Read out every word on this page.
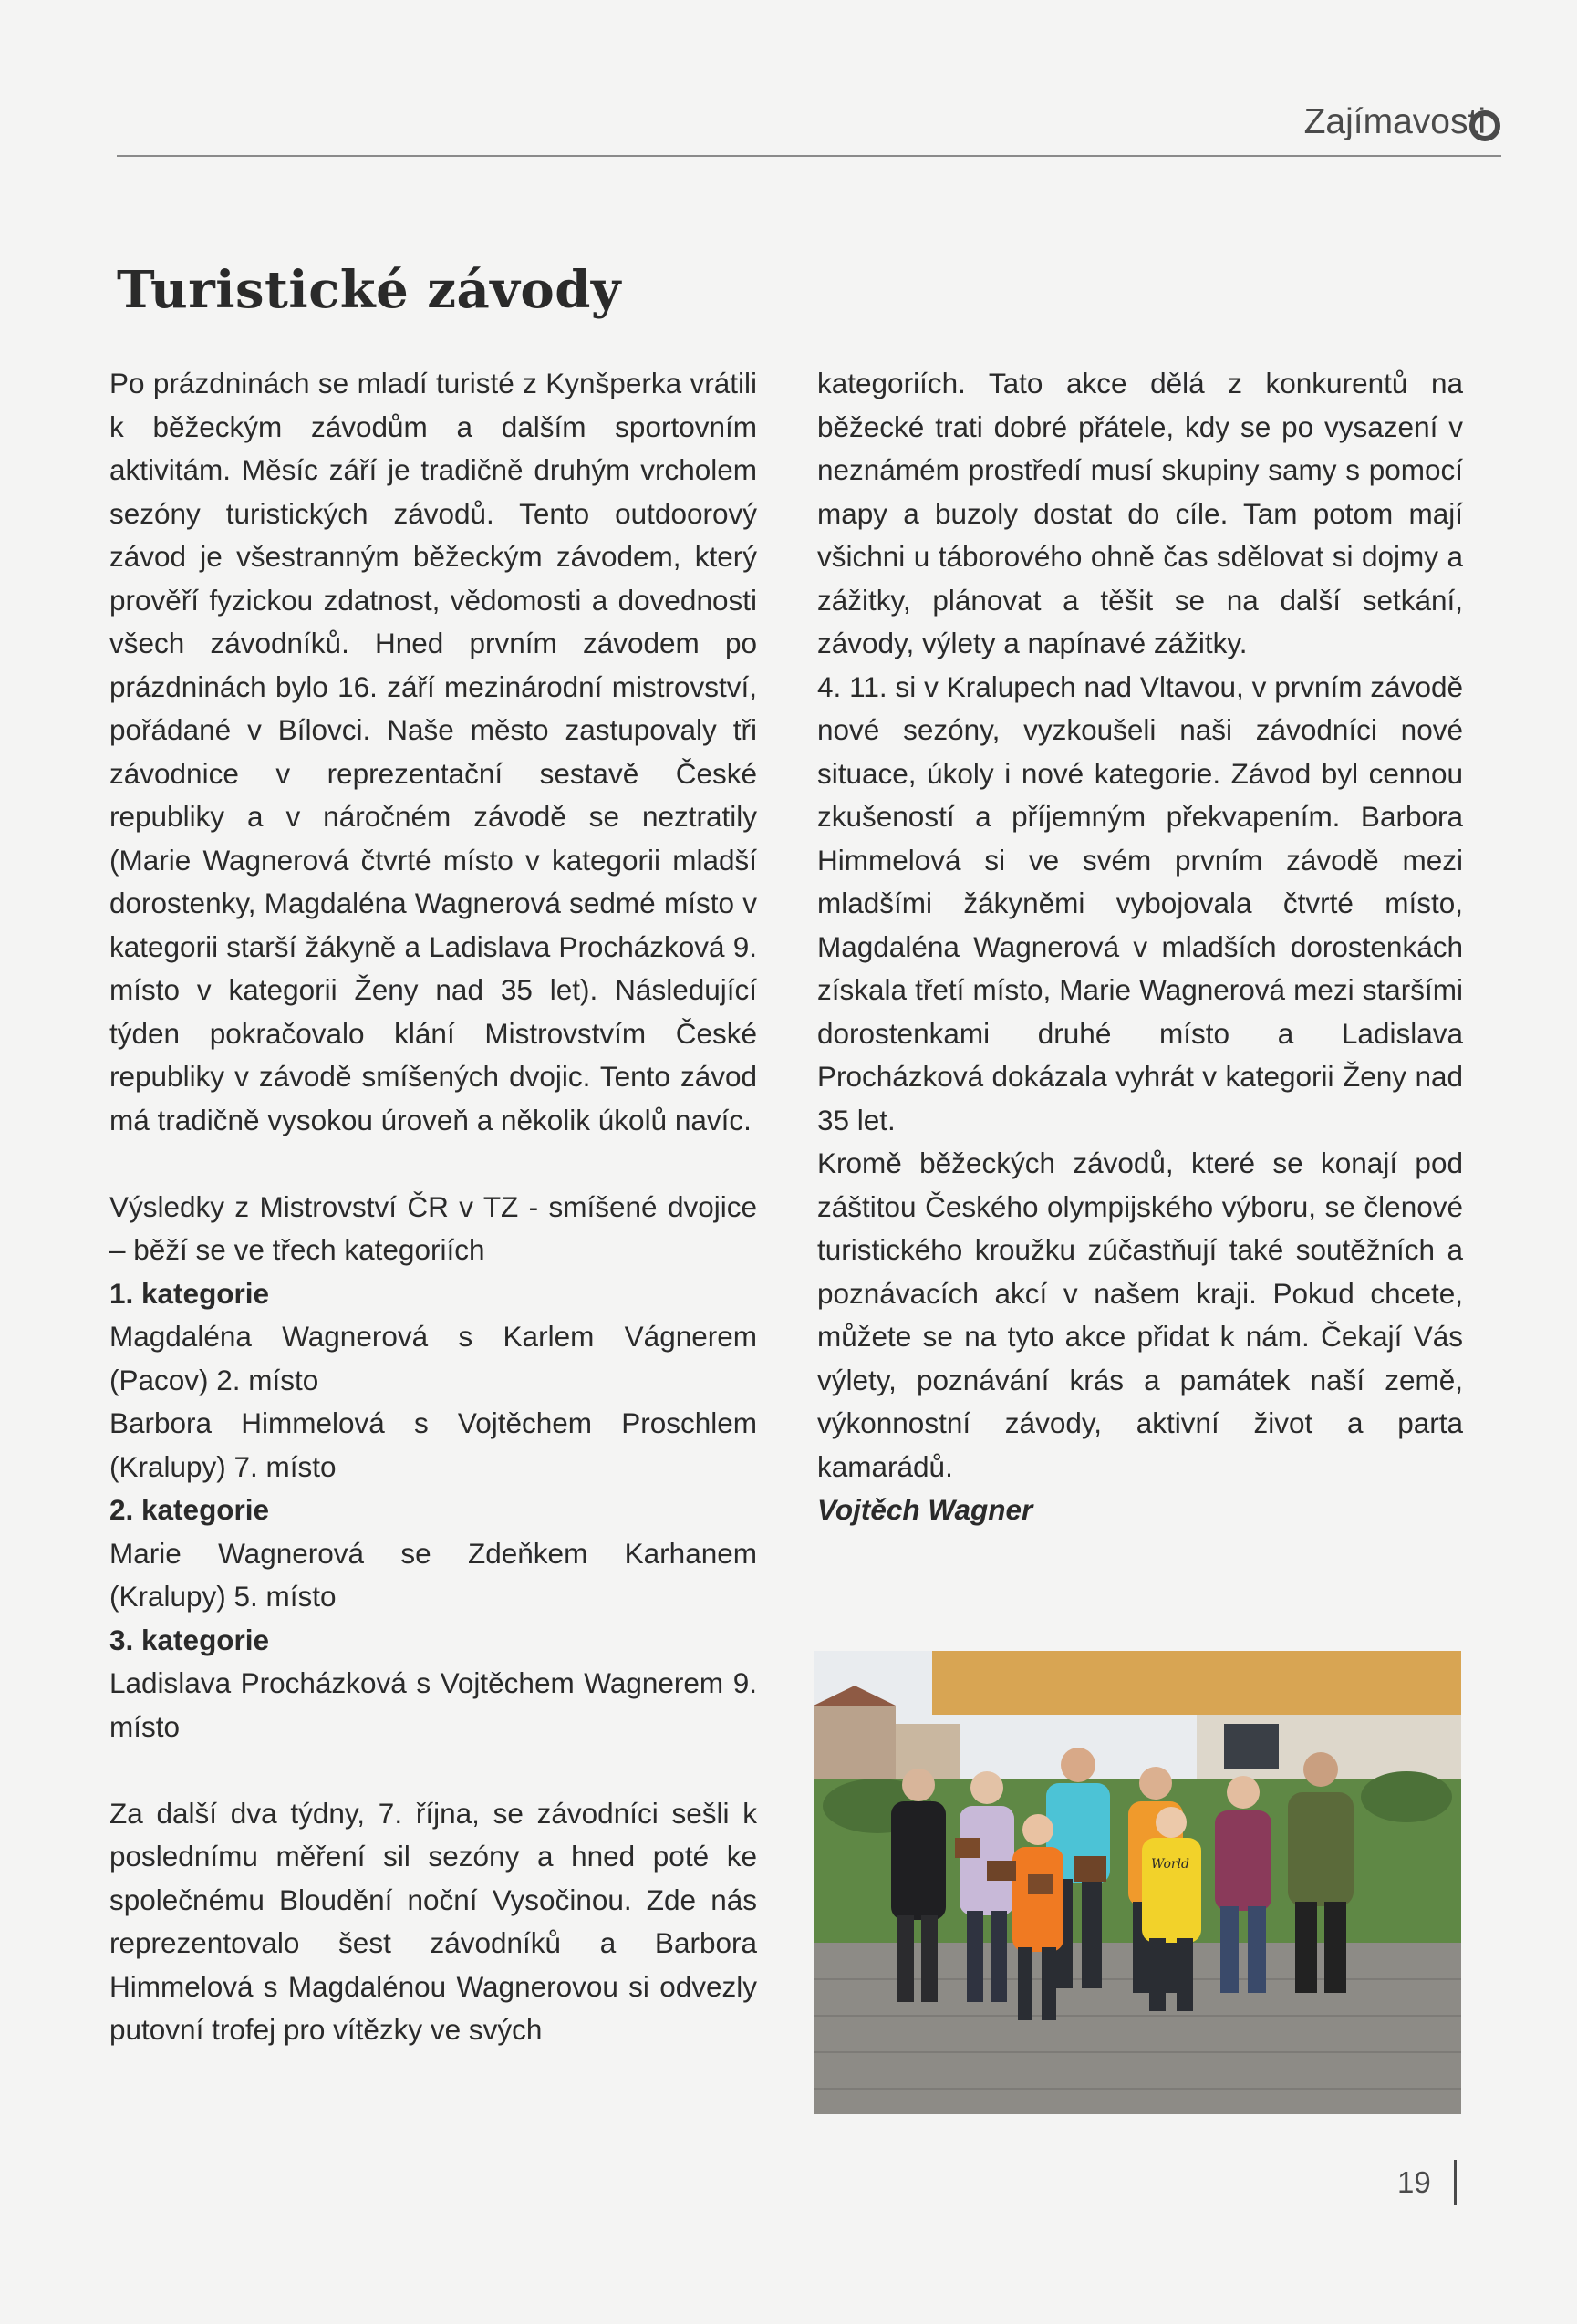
Zajímavosti
Turistické závody

Po prázdninách se mladí turisté z Kynšperka vrátili k běžeckým závodům a dalším sportovním aktivitám. Měsíc září je tradičně druhým vrcholem sezóny turistických závodů. Tento outdoorový závod je všestranným běžeckým závodem, který prověří fyzickou zdatnost, vědomosti a dovednosti všech závodníků. Hned prvním závodem po prázdninách bylo 16. září mezinárodní mistrovství, pořádané v Bílovci. Naše město zastupovaly tři závodnice v reprezentační sestavě České republiky a v náročném závodě se neztratily (Marie Wagnerová čtvrté místo v kategorii mladší dorostenky, Magdaléna Wagnerová sedmé místo v kategorii starší žákyně a Ladislava Procházková 9. místo v kategorii Ženy nad 35 let). Následující týden pokračovalo klání Mistrovstvím České republiky v závodě smíšených dvojic. Tento závod má tradičně vysokou úroveň a několik úkolů navíc.

Výsledky z Mistrovství ČR v TZ - smíšené dvojice – běží se ve třech kategoriích

1. kategorie

Magdaléna Wagnerová s Karlem Vágnerem (Pacov) 2. místo

Barbora Himmelová s Vojtěchem Proschlem (Kralupy) 7. místo

2. kategorie

Marie Wagnerová se Zdeňkem Karhanem (Kralupy) 5. místo

3. kategorie

Ladislava Procházková s Vojtěchem Wagnerem 9. místo

Za další dva týdny, 7. října, se závodníci sešli k poslednímu měření sil sezóny a hned poté ke společnému Bloudění noční Vysočinou. Zde nás reprezentovalo šest závodníků a Barbora Himmelová s Magdalénou Wagnerovou si odvezly putovní trofej pro vítězky ve svých

kategoriích. Tato akce dělá z konkurentů na běžecké trati dobré přátele, kdy se po vysazení v neznámém prostředí musí skupiny samy s pomocí mapy a buzoly dostat do cíle. Tam potom mají všichni u táborového ohně čas sdělovat si dojmy a zážitky, plánovat a těšit se na další setkání, závody, výlety a napínavé zážitky.

4. 11. si v Kralupech nad Vltavou, v prvním závodě nové sezóny, vyzkoušeli naši závodníci nové situace, úkoly i nové kategorie. Závod byl cennou zkušeností a příjemným překvapením. Barbora Himmelová si ve svém prvním závodě mezi mladšími žákyněmi vybojovala čtvrté místo, Magdaléna Wagnerová v mladších dorostenkách získala třetí místo, Marie Wagnerová mezi staršími dorostenkami druhé místo a Ladislava Procházková dokázala vyhrát v kategorii Ženy nad 35 let.

Kromě běžeckých závodů, které se konají pod záštitou Českého olympijského výboru, se členové turistického kroužku zúčastňují také soutěžních a poznávacích akcí v našem kraji. Pokud chcete, můžete se na tyto akce přidat k nám. Čekají Vás výlety, poznávání krás a památek naší země, výkonnostní závody, aktivní život a parta kamarádů.

Vojtěch Wagner

World
19
